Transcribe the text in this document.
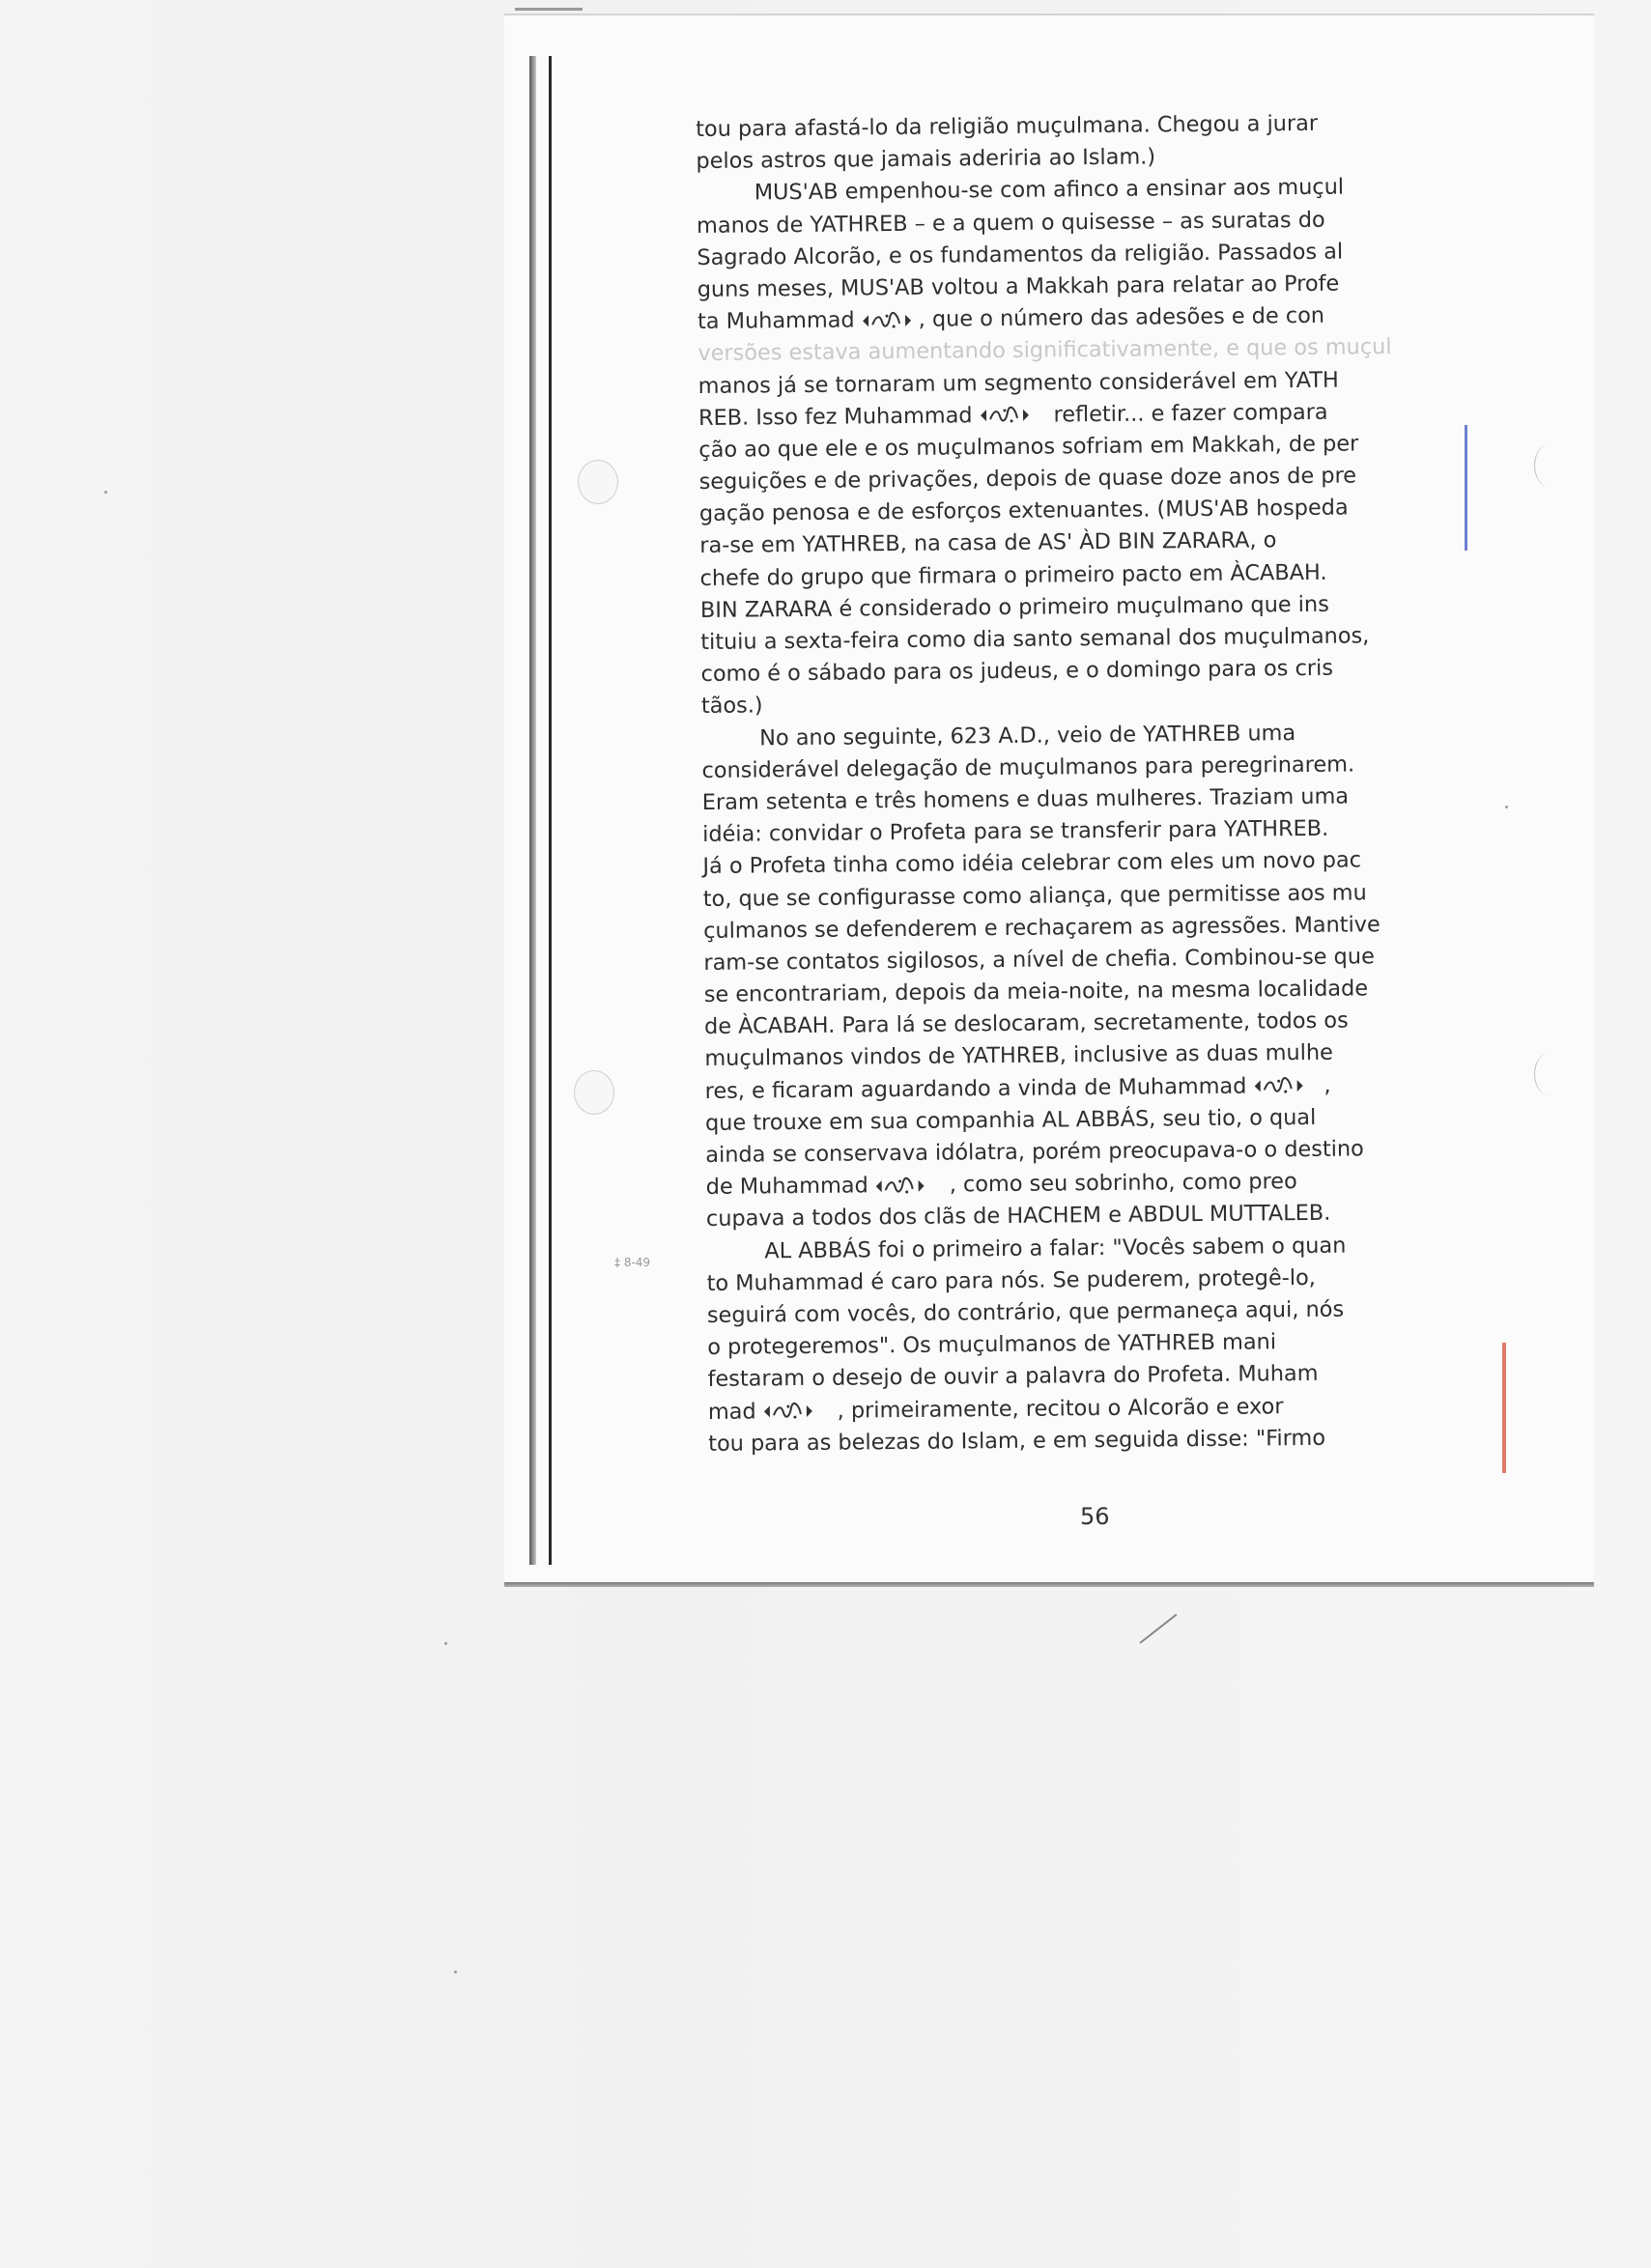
‡ 8-49
tou para afastá-lo da religião muçulmana. Chegou a jurar
pelos astros que jamais aderiria ao Islam.)
MUS'AB empenhou-se com afinco a ensinar aos muçul
manos de YATHREB – e a quem o quisesse – as suratas do
Sagrado Alcorão, e os fundamentos da religião. Passados al
guns meses, MUS'AB voltou a Makkah para relatar ao Profe
ta Muhammad	, que o número das adesões e de con
versões estava aumentando significativamente, e que os muçul
manos já se tornaram um segmento considerável em YATH
REB. Isso fez Muhammad	refletir... e fazer compara
ção ao que ele e os muçulmanos sofriam em Makkah, de per
seguições e de privações, depois de quase doze anos de pre
gação penosa e de esforços extenuantes. (MUS'AB hospeda
ra-se em YATHREB, na casa de AS' ÀD BIN ZARARA, o
chefe do grupo que firmara o primeiro pacto em ÀCABAH.
BIN ZARARA é considerado o primeiro muçulmano que ins
tituiu a sexta-feira como dia santo semanal dos muçulmanos,
como é o sábado para os judeus, e o domingo para os cris
tãos.)
No ano seguinte, 623 A.D., veio de YATHREB uma
considerável delegação de muçulmanos para peregrinarem.
Eram setenta e três homens e duas mulheres. Traziam uma
idéia: convidar o Profeta para se transferir para YATHREB.
Já o Profeta tinha como idéia celebrar com eles um novo pac
to, que se configurasse como aliança, que permitisse aos mu
çulmanos se defenderem e rechaçarem as agressões. Mantive
ram-se contatos sigilosos, a nível de chefia. Combinou-se que
se encontrariam, depois da meia-noite, na mesma localidade
de ÀCABAH. Para lá se deslocaram, secretamente, todos os
muçulmanos vindos de YATHREB, inclusive as duas mulhe
res, e ficaram aguardando a vinda de Muhammad	,
que trouxe em sua companhia AL ABBÁS, seu tio, o qual
ainda se conservava idólatra, porém preocupava-o o destino
de Muhammad	, como seu sobrinho, como preo
cupava a todos dos clãs de HACHEM e ABDUL MUTTALEB.
AL ABBÁS foi o primeiro a falar: "Vocês sabem o quan
to Muhammad é caro para nós. Se puderem, protegê-lo,
seguirá com vocês, do contrário, que permaneça aqui, nós
o protegeremos". Os muçulmanos de YATHREB mani
festaram o desejo de ouvir a palavra do Profeta. Muham
mad	, primeiramente, recitou o Alcorão e exor
tou para as belezas do Islam, e em seguida disse: "Firmo
56
